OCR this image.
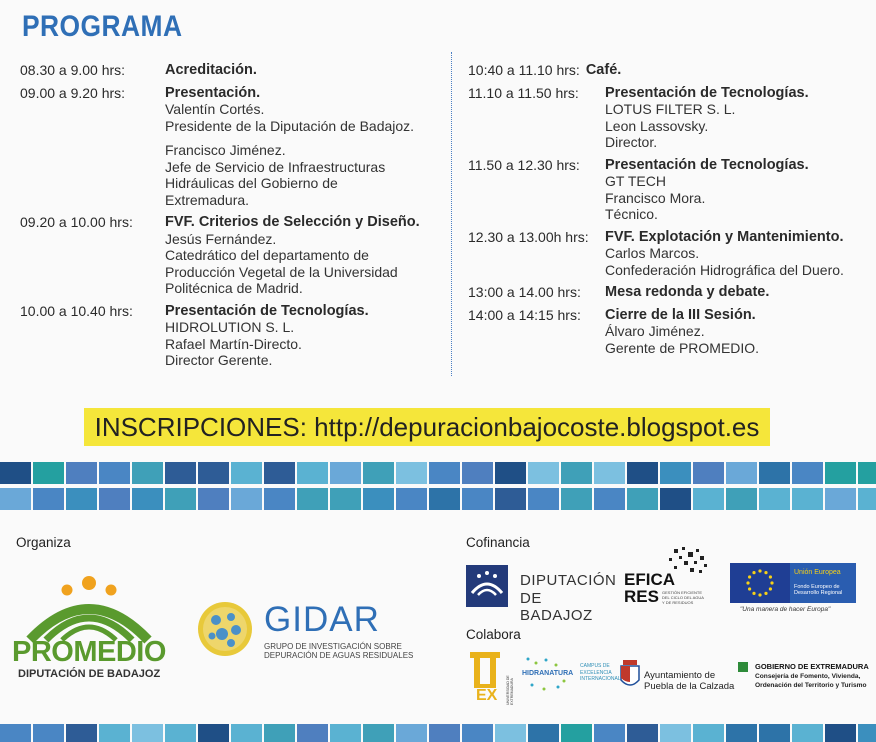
PROGRAMA
08.30 a 9.00 hrs:	Acreditación.
09.00 a 9.20 hrs:	Presentación.
Valentín Cortés.
Presidente de la Diputación de Badajoz.
Francisco Jiménez.
Jefe de Servicio de Infraestructuras
Hidráulicas del Gobierno de
Extremadura.
09.20 a 10.00 hrs:	FVF. Criterios de Selección y Diseño.
Jesús Fernández.
Catedrático del departamento de
Producción Vegetal de la Universidad
Politécnica de Madrid.
10.00 a 10.40 hrs:	Presentación de Tecnologías.
HIDROLUTION S. L.
Rafael Martín-Directo.
Director Gerente.
10:40 a 11.10 hrs: Café.
11.10 a 11.50 hrs:	Presentación de Tecnologías.
LOTUS FILTER S. L.
Leon Lassovsky.
Director.
11.50 a 12.30 hrs:	Presentación de Tecnologías.
GT TECH
Francisco Mora.
Técnico.
12.30 a 13.00h hrs:	FVF. Explotación y Mantenimiento.
Carlos Marcos.
Confederación Hidrográfica del Duero.
13:00 a 14.00 hrs:	Mesa redonda y debate.
14:00 a 14:15 hrs:	Cierre de la III Sesión.
Álvaro Jiménez.
Gerente de PROMEDIO.
INSCRIPCIONES: http://depuracionbajocoste.blogspot.es
Organiza	Cofinancia
Colabora
PROMEDIO
DIPUTACIÓN DE BADAJOZ
GIDAR
GRUPO DE INVESTIGACIÓN SOBRE
DEPURACIÓN DE AGUAS RESIDUALES
DIPUTACIÓN
DE BADAJOZ
EFICA
RES GESTIÓN EFICIENTE
DEL CICLO DEL AGUA
Y DE RESIDUOS
Unión Europea
Fondo Europeo de
Desarrollo Regional
"Una manera de hacer Europa"
EX UNIVERSIDAD DE EXTREMADURA
HIDRANATURA
CAMPUS DE
EXCELENCIA
INTERNACIONAL Ayuntamiento de
Puebla de la Calzada
GOBIERNO DE EXTREMADURA
Consejería de Fomento, Vivienda,
Ordenación del Territorio y Turismo
